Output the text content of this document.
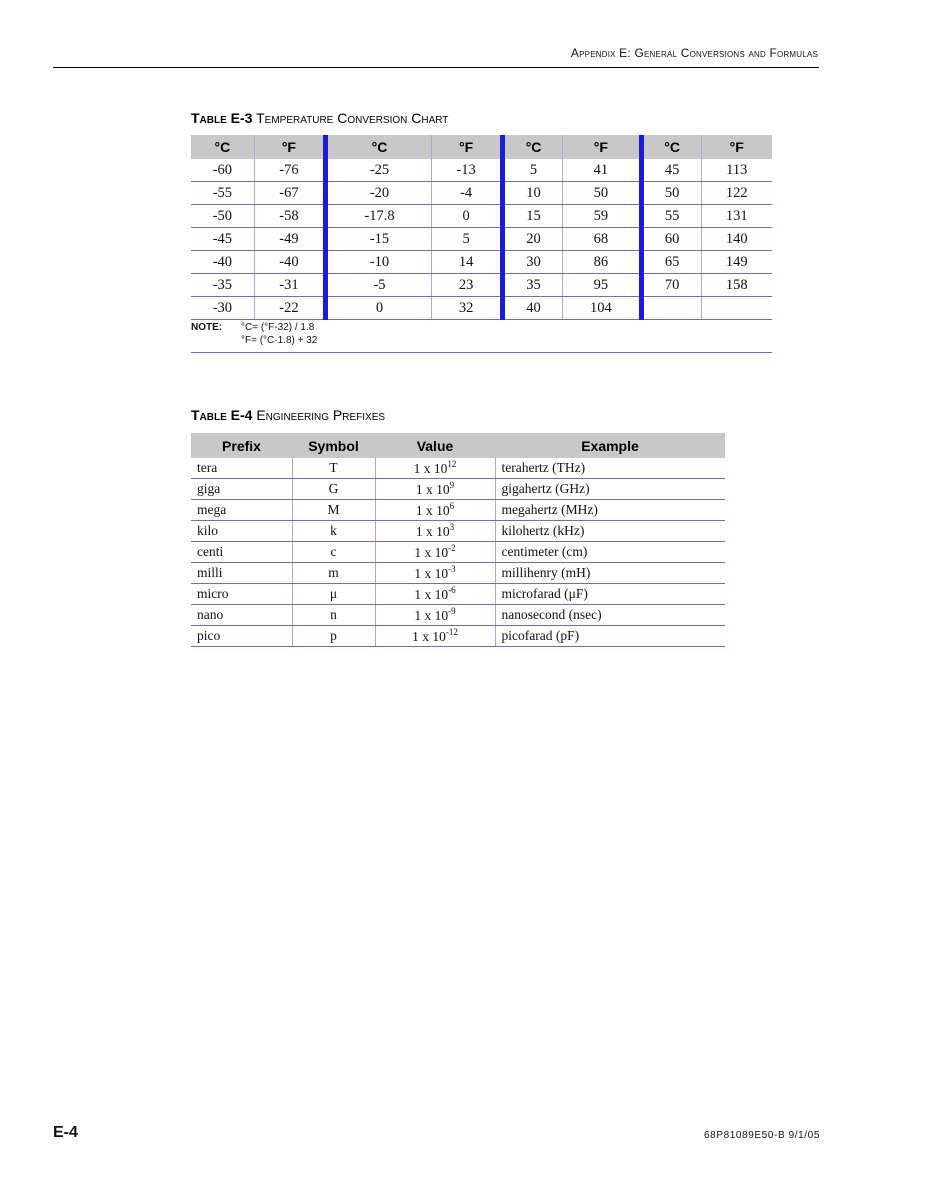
Appendix E: General Conversions and Formulas
Table E-3 Temperature Conversion Chart
°C	°F	°C	°F	°C	°F	°C	°F
-60	-76	-25	-13	5	41	45	113
-55	-67	-20	-4	10	50	50	122
-50	-58	-17.8	0	15	59	55	131
-45	-49	-15	5	20	68	60	140
-40	-40	-10	14	30	86	65	149
-35	-31	-5	23	35	95	70	158
-30	-22	0	32	40	104		
NOTE: °C= (°F-32) / 1.8
°F= (°C·1.8) + 32
Table E-4 Engineering Prefixes
Prefix	Symbol	Value	Example
tera	T	1 x $10^{12}$	terahertz (THz)
giga	G	1 x $10^9$	gigahertz (GHz)
mega	M	1 x $10^6$	megahertz (MHz)
kilo	k	1 x $10^3$	kilohertz (kHz)
centi	c	1 x $10^{-2}$	centimeter (cm)
milli	m	1 x $10^{-3}$	millihenry (mH)
micro	μ	1 x $10^{-6}$	microfarad (μF)
nano	n	1 x $10^{-9}$	nanosecond (nsec)
pico	p	1 x $10^{-12}$	picofarad (pF)
E-4	68P81089E50-B 9/1/05
